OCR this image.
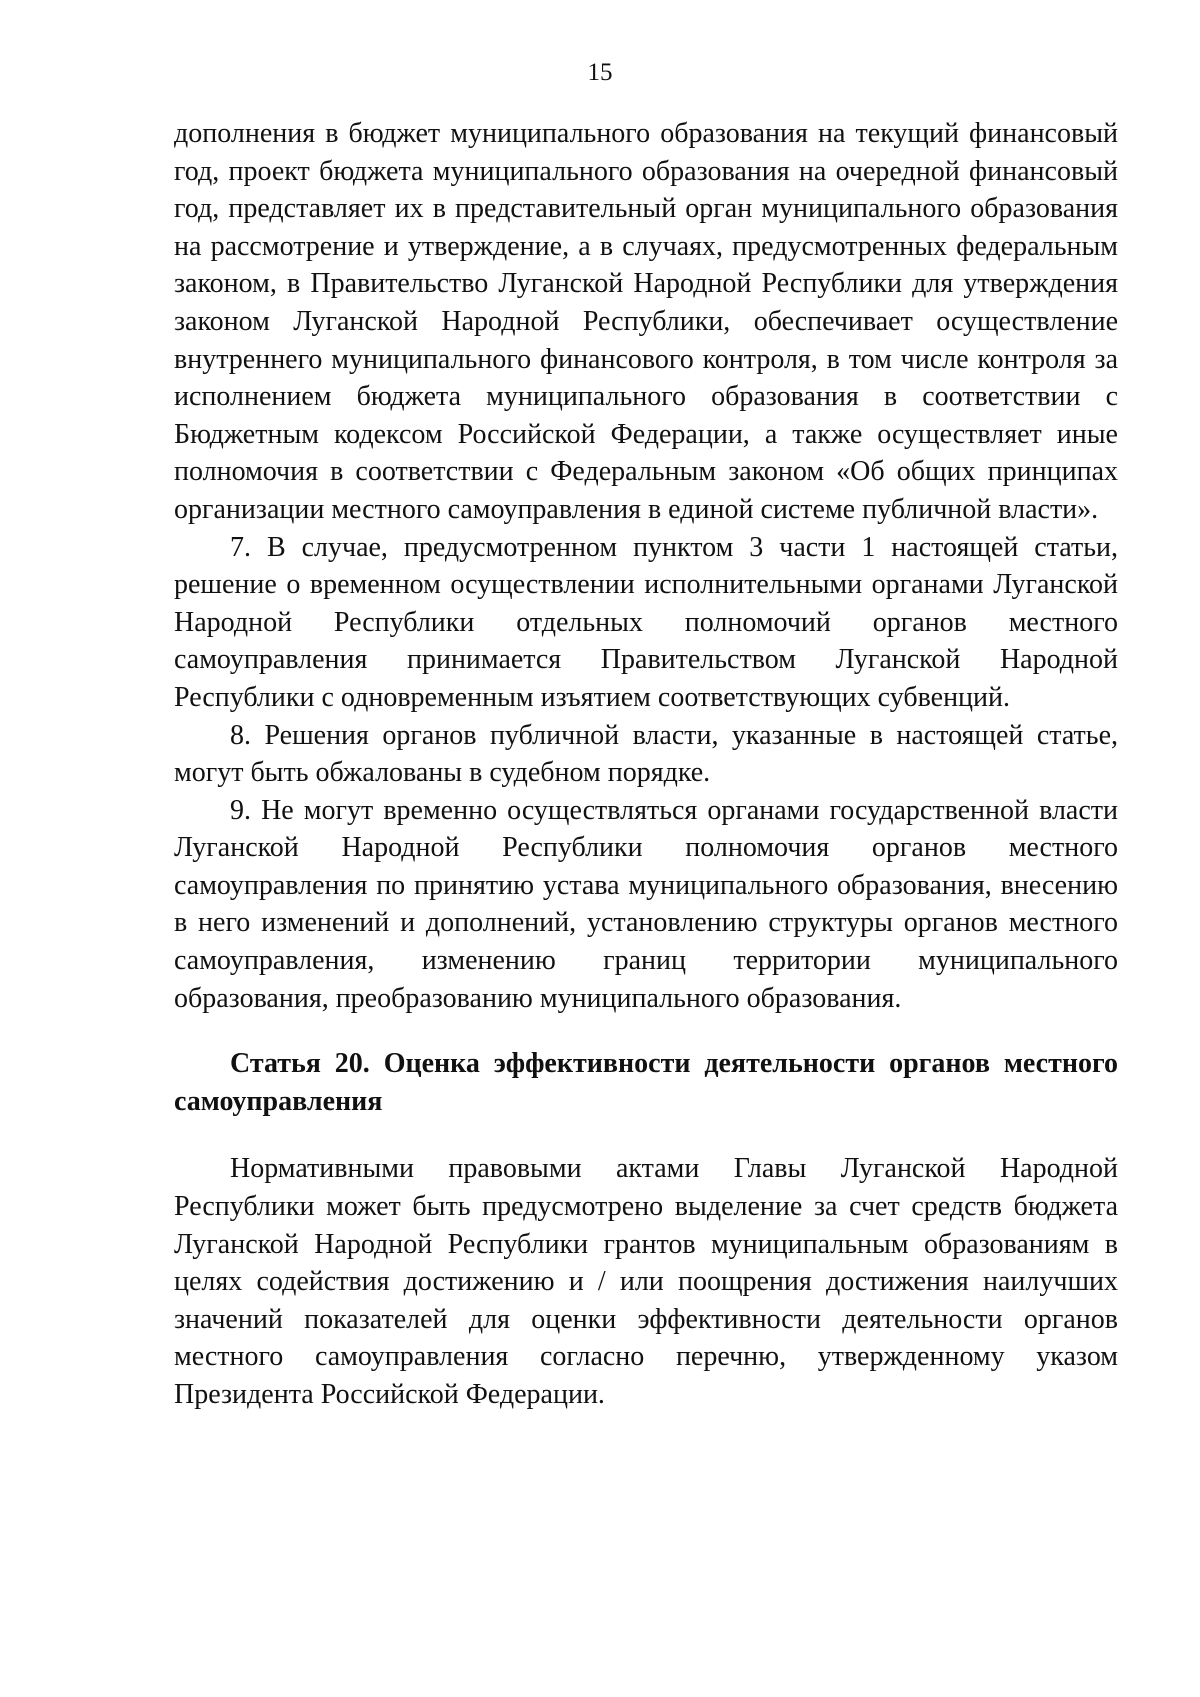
15

дополнения в бюджет муниципального образования на текущий финансовый год, проект бюджета муниципального образования на очередной финансовый год, представляет их в представительный орган муниципального образования на рассмотрение и утверждение, а в случаях, предусмотренных федеральным законом, в Правительство Луганской Народной Республики для утверждения законом Луганской Народной Республики, обеспечивает осуществление внутреннего муниципального финансового контроля, в том числе контроля за исполнением бюджета муниципального образования в соответствии с Бюджетным кодексом Российской Федерации, а также осуществляет иные полномочия в соответствии с Федеральным законом «Об общих принципах организации местного самоуправления в единой системе публичной власти».

7. В случае, предусмотренном пунктом 3 части 1 настоящей статьи, решение о временном осуществлении исполнительными органами Луганской Народной Республики отдельных полномочий органов местного самоуправления принимается Правительством Луганской Народной Республики с одновременным изъятием соответствующих субвенций.

8. Решения органов публичной власти, указанные в настоящей статье, могут быть обжалованы в судебном порядке.

9. Не могут временно осуществляться органами государственной власти Луганской Народной Республики полномочия органов местного самоуправления по принятию устава муниципального образования, внесению в него изменений и дополнений, установлению структуры органов местного самоуправления, изменению границ территории муниципального образования, преобразованию муниципального образования.

Статья 20. Оценка эффективности деятельности органов местного самоуправления

Нормативными правовыми актами Главы Луганской Народной Республики может быть предусмотрено выделение за счет средств бюджета Луганской Народной Республики грантов муниципальным образованиям в целях содействия достижению и / или поощрения достижения наилучших значений показателей для оценки эффективности деятельности органов местного самоуправления согласно перечню, утвержденному указом Президента Российской Федерации.
